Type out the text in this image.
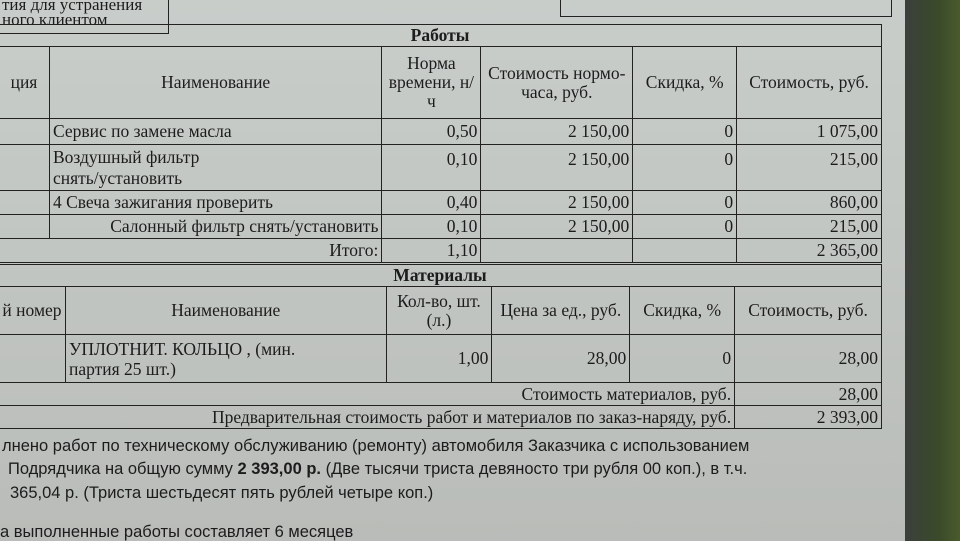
тия для устранения
ного клиентом
Работы					
ция	Наименование	Норма времени, н/ч	Стоимость нормо-часа, руб.	Скидка, %	Стоимость, руб.
	Сервис по замене масла	0,50	2 150,00	0	1 075,00

	Воздушный фильтр
снять/установить	0,10	2 150,00	0	215,00
	4 Свеча зажигания проверить	0,40	2 150,00	0	860,00
	Салонный фильтр снять/установить	0,10	2 150,00	0	215,00
Итого:		1,10			2 365,00
Материалы					
й номер	Наименование	Кол-во, шт. (л.)	Цена за ед., руб.	Скидка, %	Стоимость, руб.

	УПЛОТНИТ. КОЛЬЦО , (мин.
партия 25 шт.)	1,00	28,00	0	28,00
Стоимость материалов, руб.					28,00
Предварительная стоимость работ и материалов по заказ-наряду, руб.					2 393,00
лнено работ по техническому обслуживанию (ремонту) автомобиля Заказчика с использованием
Подрядчика на общую сумму 2 393,00 р. (Две тысячи триста девяносто три рубля 00 коп.), в т.ч.
365,04 р. (Триста шестьдесят пять рублей четыре коп.)
а выполненные работы составляет 6 месяцев
